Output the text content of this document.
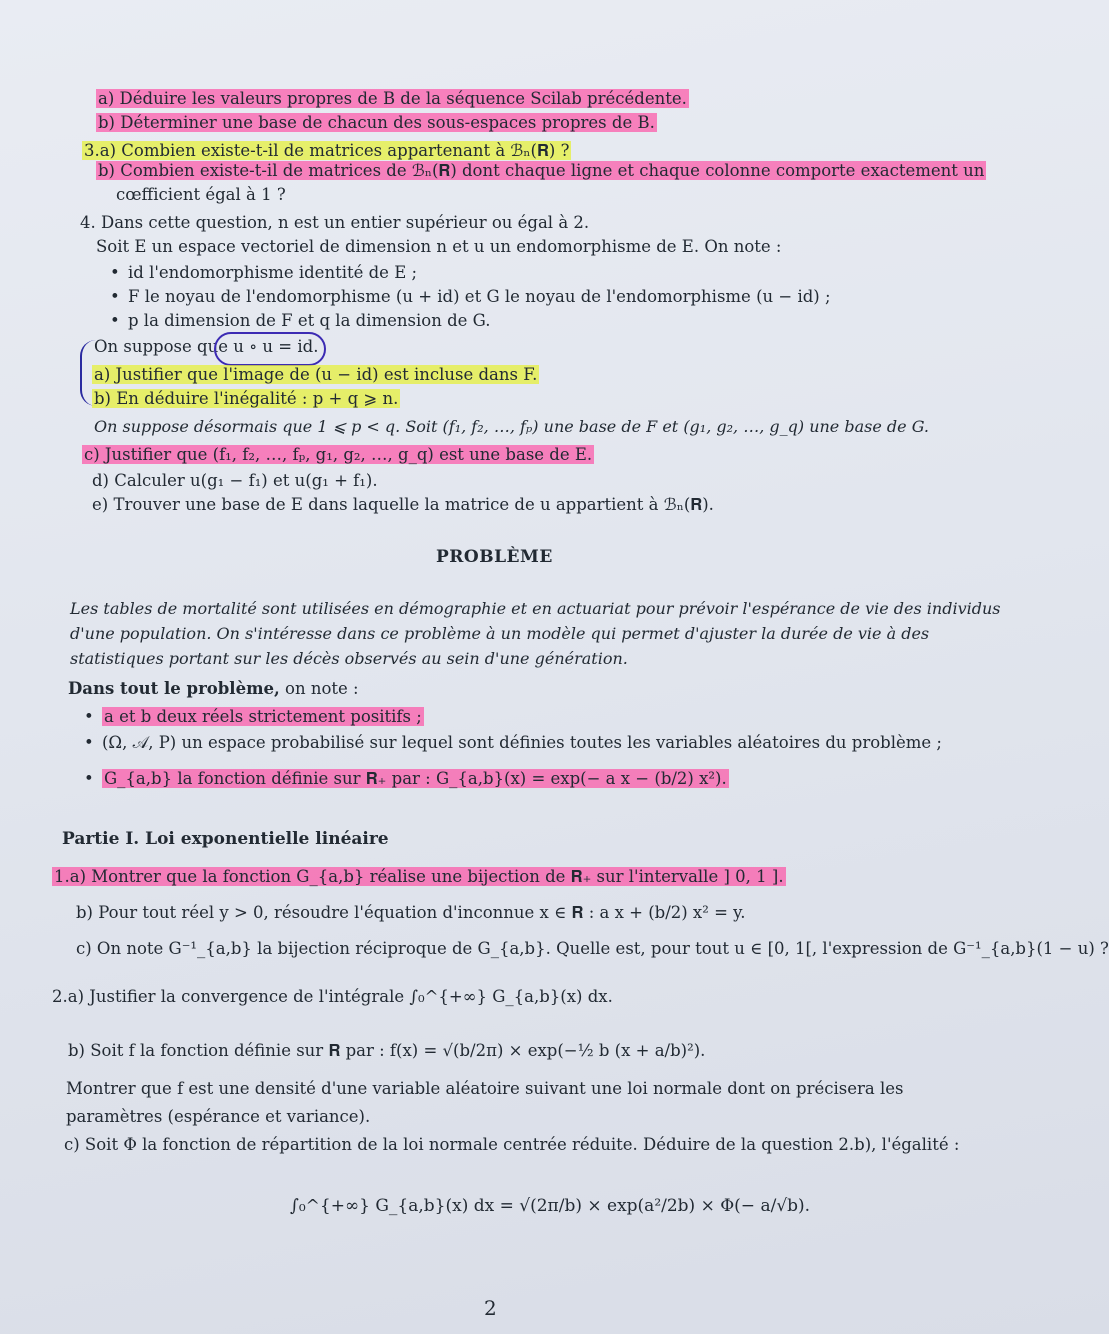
a) Déduire les valeurs propres de B de la séquence Scilab précédente.
b) Déterminer une base de chacun des sous-espaces propres de B.
3.a) Combien existe-t-il de matrices appartenant à ℬₙ(𝐑) ?
b) Combien existe-t-il de matrices de ℬₙ(𝐑) dont chaque ligne et chaque colonne comporte exactement un
cœfficient égal à 1 ?
4. Dans cette question, n est un entier supérieur ou égal à 2.
Soit E un espace vectoriel de dimension n et u un endomorphisme de E. On note :
• id l'endomorphisme identité de E ;
• F le noyau de l'endomorphisme (u + id) et G le noyau de l'endomorphisme (u − id) ;
• p la dimension de F et q la dimension de G.
On suppose que u ∘ u = id.
a) Justifier que l'image de (u − id) est incluse dans F.
b) En déduire l'inégalité : p + q ⩾ n.
On suppose désormais que 1 ⩽ p < q. Soit (f₁, f₂, …, fₚ) une base de F et (g₁, g₂, …, g_q) une base de G.
c) Justifier que (f₁, f₂, …, fₚ, g₁, g₂, …, g_q) est une base de E.
d) Calculer u(g₁ − f₁) et u(g₁ + f₁).
e) Trouver une base de E dans laquelle la matrice de u appartient à ℬₙ(𝐑).
PROBLÈME
Les tables de mortalité sont utilisées en démographie et en actuariat pour prévoir l'espérance de vie des individus
d'une population. On s'intéresse dans ce problème à un modèle qui permet d'ajuster la durée de vie à des
statistiques portant sur les décès observés au sein d'une génération.
Dans tout le problème, on note :
• a et b deux réels strictement positifs ;
• (Ω, 𝒜, P) un espace probabilisé sur lequel sont définies toutes les variables aléatoires du problème ;
• G_{a,b} la fonction définie sur 𝐑₊ par : G_{a,b}(x) = exp(− a x − (b/2) x²).
Partie I. Loi exponentielle linéaire
1.a) Montrer que la fonction G_{a,b} réalise une bijection de 𝐑₊ sur l'intervalle ] 0, 1 ].
b) Pour tout réel y > 0, résoudre l'équation d'inconnue x ∈ 𝐑 : a x + (b/2) x² = y.
c) On note G⁻¹_{a,b} la bijection réciproque de G_{a,b}. Quelle est, pour tout u ∈ [0, 1[, l'expression de G⁻¹_{a,b}(1 − u) ?
2.a) Justifier la convergence de l'intégrale ∫₀^{+∞} G_{a,b}(x) dx.
b) Soit f la fonction définie sur 𝐑 par : f(x) = √(b/2π) × exp(−½ b (x + a/b)²).
Montrer que f est une densité d'une variable aléatoire suivant une loi normale dont on précisera les
paramètres (espérance et variance).
c) Soit Φ la fonction de répartition de la loi normale centrée réduite. Déduire de la question 2.b), l'égalité :
∫₀^{+∞} G_{a,b}(x) dx = √(2π/b) × exp(a²/2b) × Φ(− a/√b).
2
